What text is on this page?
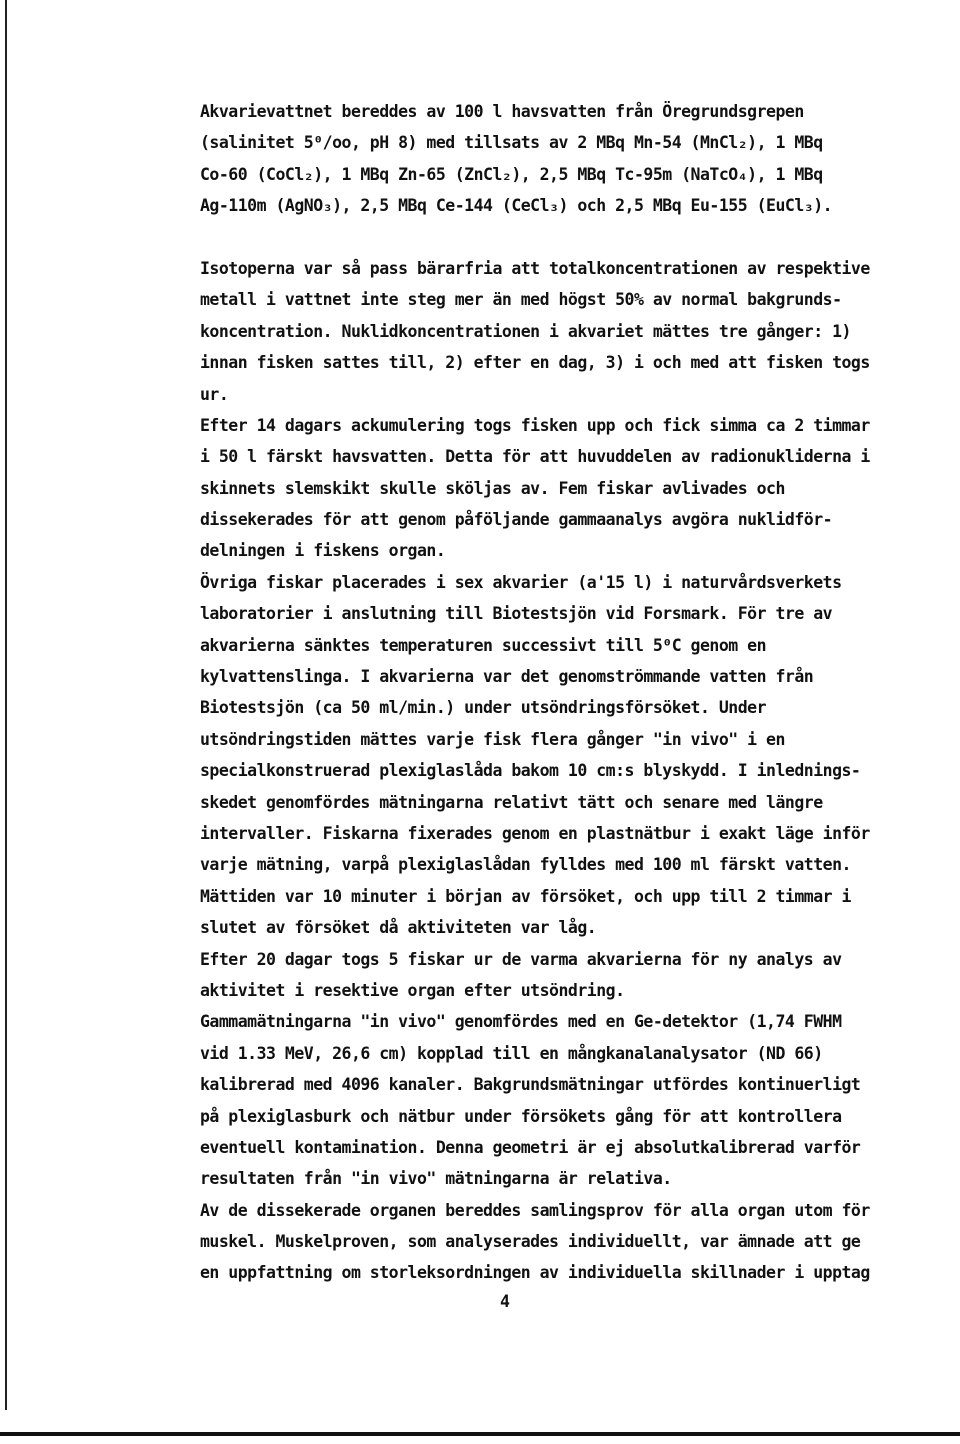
Akvarievattnet bereddes av 100 l havsvatten från Öregrundsgrepen
(salinitet 5⁰/oo, pH 8) med tillsats av 2 MBq Mn-54 (MnCl₂), 1 MBq
Co-60 (CoCl₂), 1 MBq Zn-65 (ZnCl₂), 2,5 MBq Tc-95m (NaTcO₄), 1 MBq
Ag-110m (AgNO₃), 2,5 MBq Ce-144 (CeCl₃) och 2,5 MBq Eu-155 (EuCl₃).
Isotoperna var så pass bärarfria att totalkoncentrationen av respektive
metall i vattnet inte steg mer än med högst 50% av normal bakgrunds-
koncentration. Nuklidkoncentrationen i akvariet mättes tre gånger: 1)
innan fisken sattes till, 2) efter en dag, 3) i och med att fisken togs
ur.
Efter 14 dagars ackumulering togs fisken upp och fick simma ca 2 timmar
i 50 l färskt havsvatten. Detta för att huvuddelen av radionukliderna i
skinnets slemskikt skulle sköljas av. Fem fiskar avlivades och
dissekerades för att genom påföljande gammaanalys avgöra nuklidför-
delningen i fiskens organ.
Övriga fiskar placerades i sex akvarier (a'15 l) i naturvårdsverkets
laboratorier i anslutning till Biotestsjön vid Forsmark. För tre av
akvarierna sänktes temperaturen successivt till 5⁰C genom en
kylvattenslinga. I akvarierna var det genomströmmande vatten från
Biotestsjön (ca 50 ml/min.) under utsöndringsförsöket. Under
utsöndringstiden mättes varje fisk flera gånger "in vivo" i en
specialkonstruerad plexiglaslåda bakom 10 cm:s blyskydd. I inlednings-
skedet genomfördes mätningarna relativt tätt och senare med längre
intervaller. Fiskarna fixerades genom en plastnätbur i exakt läge inför
varje mätning, varpå plexiglaslådan fylldes med 100 ml färskt vatten.
Mättiden var 10 minuter i början av försöket, och upp till 2 timmar i
slutet av försöket då aktiviteten var låg.
Efter 20 dagar togs 5 fiskar ur de varma akvarierna för ny analys av
aktivitet i resektive organ efter utsöndring.
Gammamätningarna "in vivo" genomfördes med en Ge-detektor (1,74 FWHM
vid 1.33 MeV, 26,6 cm) kopplad till en mångkanalanalysator (ND 66)
kalibrerad med 4096 kanaler. Bakgrundsmätningar utfördes kontinuerligt
på plexiglasburk och nätbur under försökets gång för att kontrollera
eventuell kontamination. Denna geometri är ej absolutkalibrerad varför
resultaten från "in vivo" mätningarna är relativa.
Av de dissekerade organen bereddes samlingsprov för alla organ utom för
muskel. Muskelproven, som analyserades individuellt, var ämnade att ge
en uppfattning om storleksordningen av individuella skillnader i upptag
4
